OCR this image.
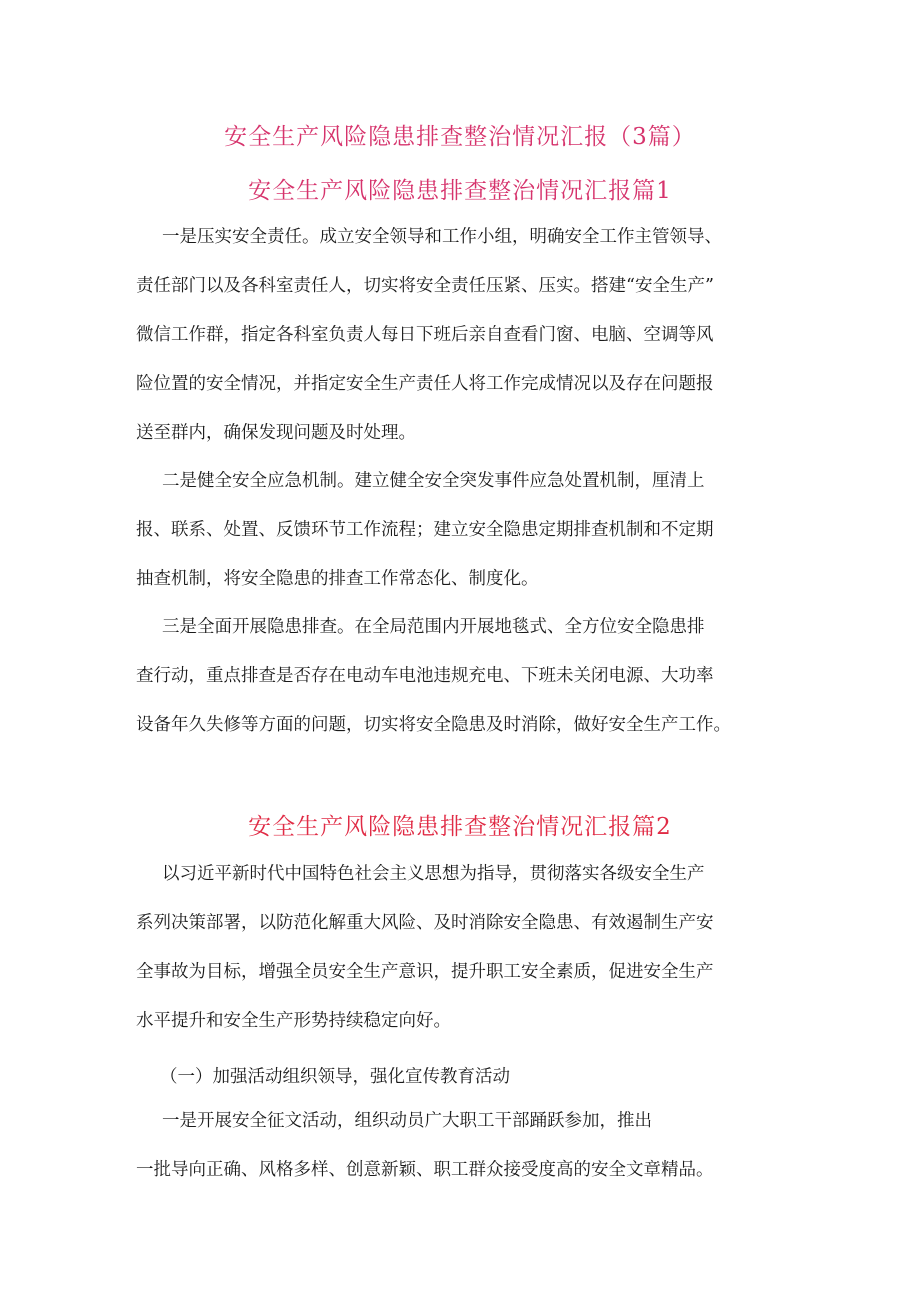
安全生产风险隐患排查整治情况汇报（3篇）
安全生产风险隐患排查整治情况汇报篇1
一是压实安全责任。成立安全领导和工作小组，明确安全工作主管领导、
责任部门以及各科室责任人，切实将安全责任压紧、压实。搭建“安全生产”
微信工作群，指定各科室负责人每日下班后亲自查看门窗、电脑、空调等风
险位置的安全情况，并指定安全生产责任人将工作完成情况以及存在问题报
送至群内，确保发现问题及时处理。
二是健全安全应急机制。建立健全安全突发事件应急处置机制，厘清上
报、联系、处置、反馈环节工作流程；建立安全隐患定期排查机制和不定期
抽查机制，将安全隐患的排查工作常态化、制度化。
三是全面开展隐患排查。在全局范围内开展地毯式、全方位安全隐患排
查行动，重点排查是否存在电动车电池违规充电、下班未关闭电源、大功率
设备年久失修等方面的问题，切实将安全隐患及时消除，做好安全生产工作。
安全生产风险隐患排查整治情况汇报篇2
以习近平新时代中国特色社会主义思想为指导，贯彻落实各级安全生产
系列决策部署，以防范化解重大风险、及时消除安全隐患、有效遏制生产安
全事故为目标，增强全员安全生产意识，提升职工安全素质，促进安全生产
水平提升和安全生产形势持续稳定向好。
（一）加强活动组织领导，强化宣传教育活动
一是开展安全征文活动，组织动员广大职工干部踊跃参加，推出
一批导向正确、风格多样、创意新颖、职工群众接受度高的安全文章精品。
